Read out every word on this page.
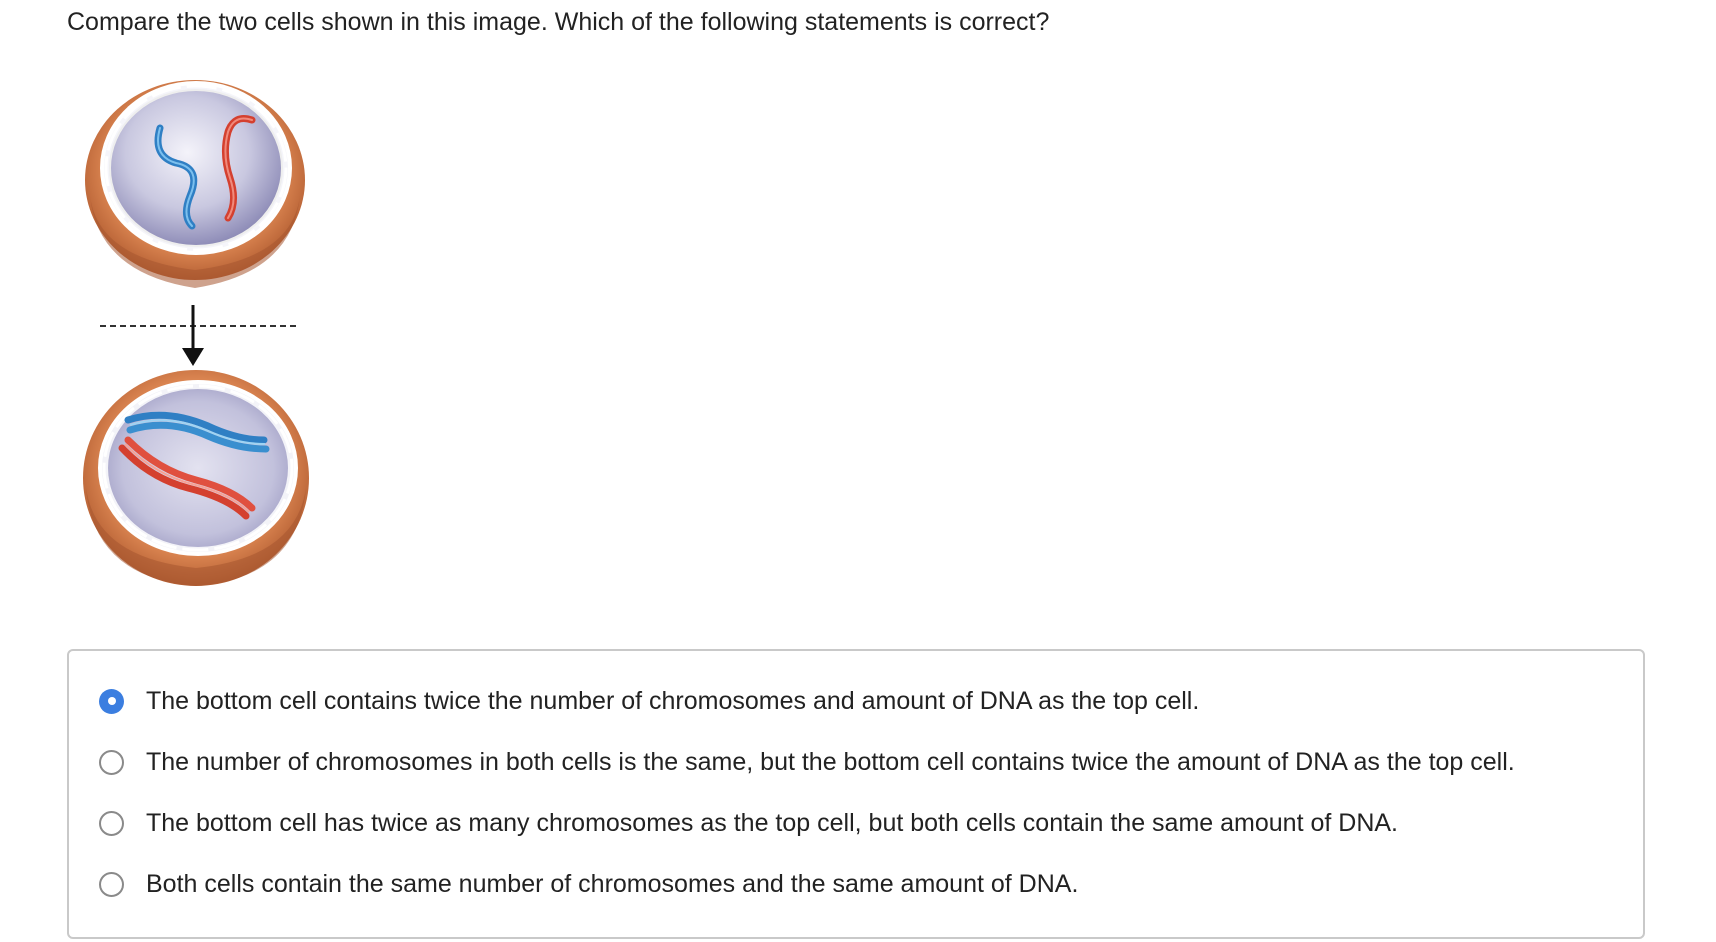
Compare the two cells shown in this image. Which of the following statements is correct?
The bottom cell contains twice the number of chromosomes and amount of DNA as the top cell.
The number of chromosomes in both cells is the same, but the bottom cell contains twice the amount of DNA as the top cell.
The bottom cell has twice as many chromosomes as the top cell, but both cells contain the same amount of DNA.
Both cells contain the same number of chromosomes and the same amount of DNA.
